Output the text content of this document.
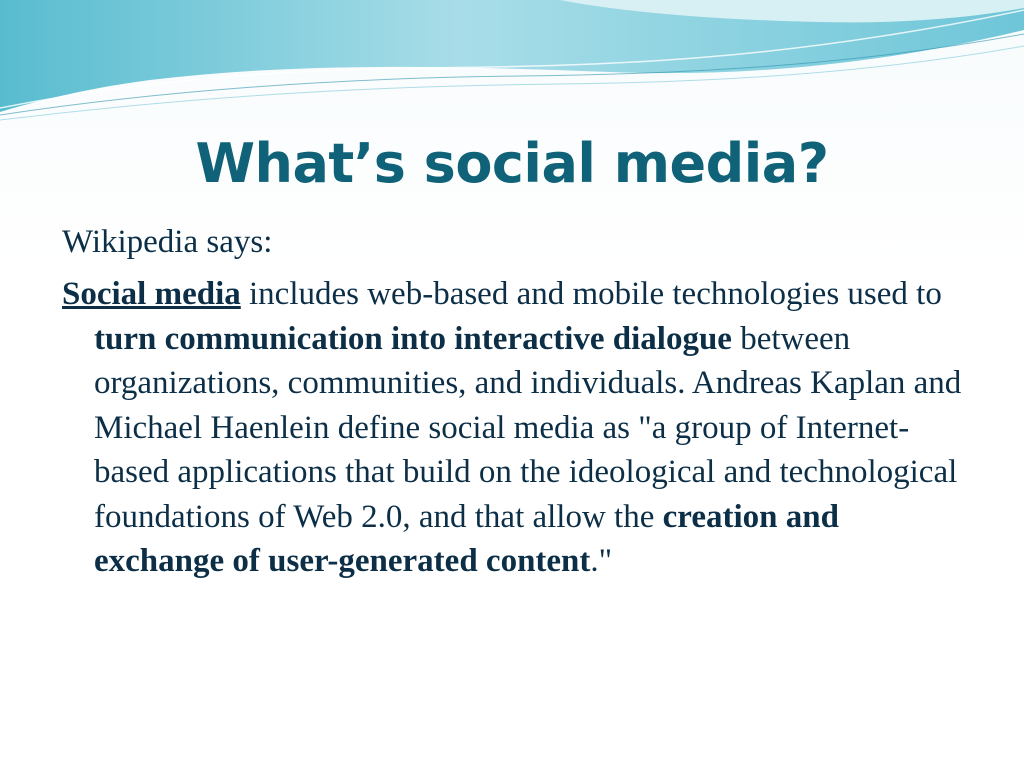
What’s social media?

Wikipedia says:

Social media includes web-based and mobile technologies used to turn communication into interactive dialogue between organizations, communities, and individuals. Andreas Kaplan and Michael Haenlein define social media as "a group of Internet-based applications that build on the ideological and technological foundations of Web 2.0, and that allow the creation and exchange of user-generated content."
